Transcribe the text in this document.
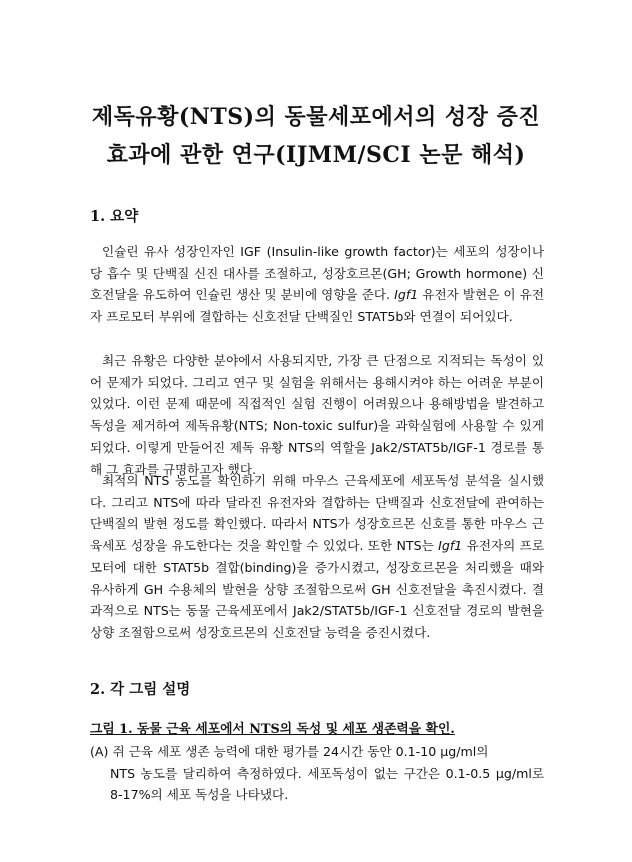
제독유황(NTS)의 동물세포에서의 성장 증진
효과에 관한 연구(IJMM/SCI 논문 해석)
1. 요약

인슐린 유사 성장인자인 IGF (Insulin-like growth factor)는 세포의 성장이나 당 흡수 및 단백질 신진 대사를 조절하고, 성장호르몬(GH; Growth hormone) 신호전달을 유도하여 인슐린 생산 및 분비에 영향을 준다. Igf1 유전자 발현은 이 유전자 프로모터 부위에 결합하는 신호전달 단백질인 STAT5b와 연결이 되어있다.

최근 유황은 다양한 분야에서 사용되지만, 가장 큰 단점으로 지적되는 독성이 있어 문제가 되었다. 그리고 연구 및 실험을 위해서는 용해시켜야 하는 어려운 부분이 있었다. 이런 문제 때문에 직접적인 실험 진행이 어려웠으나 용해방법을 발견하고 독성을 제거하여 제독유황(NTS; Non-toxic sulfur)을 과학실험에 사용할 수 있게 되었다. 이렇게 만들어진 제독 유황 NTS의 역할을 Jak2/STAT5b/IGF-1 경로를 통해 그 효과를 규명하고자 했다.

최적의 NTS 농도를 확인하기 위해 마우스 근육세포에 세포독성 분석을 실시했다. 그리고 NTS에 따라 달라진 유전자와 결합하는 단백질과 신호전달에 관여하는 단백질의 발현 정도를 확인했다. 따라서 NTS가 성장호르몬 신호를 통한 마우스 근육세포 성장을 유도한다는 것을 확인할 수 있었다. 또한 NTS는 Igf1 유전자의 프로모터에 대한 STAT5b 결합(binding)을 증가시켰고, 성장호르몬을 처리했을 때와 유사하게 GH 수용체의 발현을 상향 조절함으로써 GH 신호전달을 촉진시켰다. 결과적으로 NTS는 동물 근육세포에서 Jak2/STAT5b/IGF-1 신호전달 경로의 발현을 상향 조절함으로써 성장호르몬의 신호전달 능력을 증진시켰다.

2. 각 그림 설명
그림 1. 동물 근육 세포에서 NTS의 독성 및 세포 생존력을 확인.
(A) 쥐 근육 세포 생존 능력에 대한 평가를 24시간 동안 0.1-10 μg/ml의
NTS 농도를 달리하여 측정하였다. 세포독성이 없는 구간은 0.1-0.5 μg/ml로 8-17%의 세포 독성을 나타냈다.
